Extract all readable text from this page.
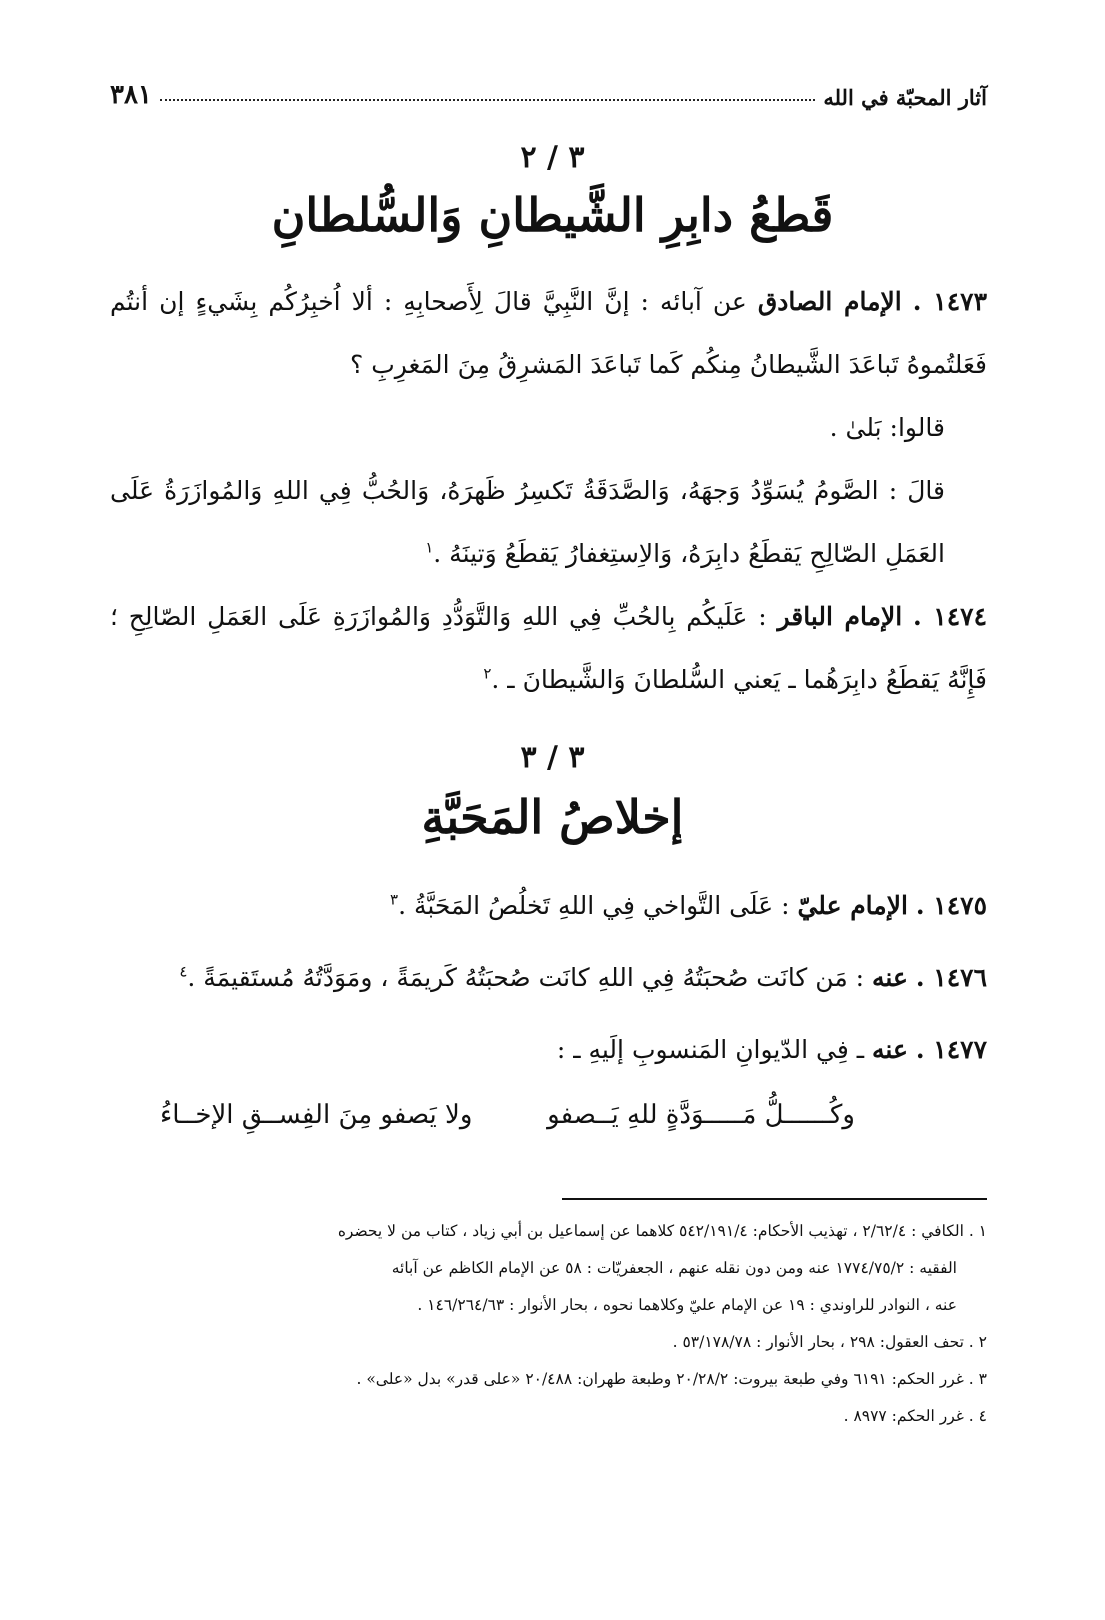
آثار المحبّة في الله
٣٨١
٣ / ٢
قَطعُ دابِرِ الشَّيطانِ وَالسُّلطانِ

١٤٧٣ . الإمام الصادق عن آبائه : إنَّ النَّبِيَّ قالَ لِأَصحابِهِ : ألا اُخبِرُكُم بِشَيءٍ إن أنتُم فَعَلتُموهُ تَباعَدَ الشَّيطانُ مِنكُم كَما تَباعَدَ المَشرِقُ مِنَ المَغرِبِ ؟

قالوا: بَلىٰ .

قالَ : الصَّومُ يُسَوِّدُ وَجهَهُ، وَالصَّدَقَةُ تَكسِرُ ظَهرَهُ، وَالحُبُّ فِي اللهِ وَالمُوازَرَةُ عَلَى العَمَلِ الصّالِحِ يَقطَعُ دابِرَهُ، وَالاِستِغفارُ يَقطَعُ وَتينَهُ .$^١$

١٤٧٤ . الإمام الباقر : عَلَيكُم بِالحُبِّ فِي اللهِ وَالتَّوَدُّدِ وَالمُوازَرَةِ عَلَى العَمَلِ الصّالِحِ ؛ فَإِنَّهُ يَقطَعُ دابِرَهُما ـ يَعني السُّلطانَ وَالشَّيطانَ ـ .$^٢$

٣ / ٣
إخلاصُ المَحَبَّةِ

١٤٧٥ . الإمام عليّ : عَلَى التَّواخي فِي اللهِ تَخلُصُ المَحَبَّةُ .$^٣$

١٤٧٦ . عنه : مَن كانَت صُحبَتُهُ فِي اللهِ كانَت صُحبَتُهُ كَريمَةً ، ومَوَدَّتُهُ مُستَقيمَةً .$^٤$

١٤٧٧ . عنه ـ فِي الدّيوانِ المَنسوبِ إلَيهِ ـ :

وكُــــــلُّ مَـــــوَدَّةٍ للهِ يَــصفو
ولا يَصفو مِنَ الفِســقِ الإخــاءُ

١ . الكافي : ٢/٦٢/٤ ، تهذيب الأحكام: ٥٤٢/١٩١/٤ كلاهما عن إسماعيل بن أبي زياد ، كتاب من لا يحضره

الفقيه : ١٧٧٤/٧٥/٢ عنه ومن دون نقله عنهم ، الجعفريّات : ٥٨ عن الإمام الكاظم عن آبائه

عنه ، النوادر للراوندي : ١٩ عن الإمام عليّ وكلاهما نحوه ، بحار الأنوار : ١٤٦/٢٦٤/٦٣ .

٢ . تحف العقول: ٢٩٨ ، بحار الأنوار : ٥٣/١٧٨/٧٨ .

٣ . غرر الحكم: ٦١٩١ وفي طبعة بيروت: ٢٠/٢٨/٢ وطبعة طهران: ٢٠/٤٨٨ «على قدر» بدل «على» .

٤ . غرر الحكم: ٨٩٧٧ .
